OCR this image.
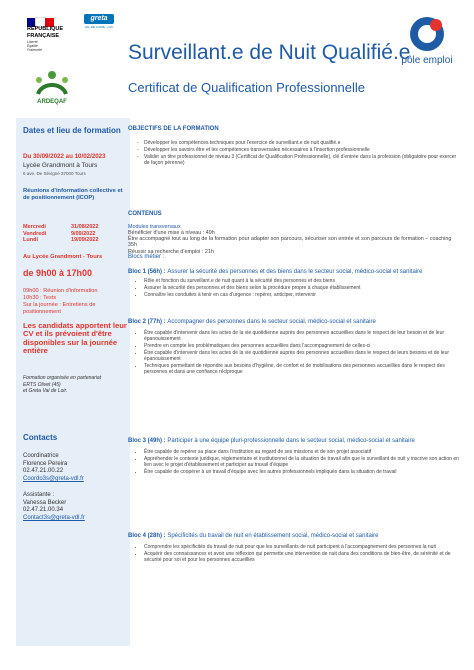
RÉPUBLIQUE
FRANÇAISE
Liberté
Égalité
Fraternité
greta
VAL DE LOIRE · CVL
ARDEQAF
Surveillant.e de Nuit Qualifié.e
Certificat de Qualification Professionnelle
pôle emploi
Dates et lieu de formation
Du 30/09/2022 au 10/02/2023
Lycée Grandmont à Tours
6 ave. De Sévigné 37000 Tours
Réunions d'information collective et de positionnement (ICOP)
Mercredi	31/08/2022
Vendredi	9/09/2022
Lundi	19/09/2022
Au Lycée Grandmont - Tours
de 9h00 à 17h00
09h00 : Réunion d'information
10h30 : Tests
Sur la journée : Entretiens de positionnement
Les candidats apportent leur CV et ils prévoient d'être disponibles sur la journée entière
Formation organisée en partenariat
ERTS Olivet (45)
et Greta Val de Loir.
Contacts
Coordinatrice
Florence Pereira
02.47.21.00.22
Coordo3s@greta-vdl.fr
Assistante :
Vanessa Becker
02.47.21.00.34
Contact3s@greta-vdl.fr
OBJECTIFS DE LA FORMATION
- Développer les compétences techniques pour l'exercice de surveillant.e de nuit qualifié.e
- Développer les savoirs être et les compétences transversales nécessaires à l'insertion professionnelle
- Valider un titre professionnel de niveau 3 (Certificat de Qualification Professionnelle), clé d'entrée dans la profession (obligatoire pour exercer de façon pérenne)
CONTENUS
Modules transversaux
Bénéficier d'une mise à niveau : 49h
Être accompagné tout au long de la formation pour adapter son parcours, sécuriser son entrée et son parcours de formation – coaching 35h
Réussir sa recherche d'emploi : 21h
Blocs métier :
Bloc 1 (56h) : Assurer la sécurité des personnes et des biens dans le secteur social, médico-social et sanitaire
• Rôle et fonction du surveillant.e de nuit quant à la sécurité des personnes et des biens
• Assurer la sécurité des personnes et des biens selon la procédure propre à chaque établissement
• Connaître les conduites à tenir en cas d'urgence : repérer, anticiper, intervenir
Bloc 2 (77h) : Accompagner des personnes dans le secteur social, médico-social et sanitaire
• Être capable d'intervenir dans les actes de la vie quotidienne auprès des personnes accueillies dans le respect de leur besoin et de leur épanouissement
• Prendre en compte les problématiques des personnes accueillies dans l'accompagnement de celles-ci
• Être capable d'intervenir dans les actes de la vie quotidienne auprès des personnes accueillies dans le respect de leurs besoins et de leur épanouissement
• Techniques permettant de répondre aux besoins d'hygiène, de confort et de mobilisations des personnes accueillies dans le respect des personnes et dans une confiance réciproque
Bloc 3 (49h) : Participer à une équipe pluri-professionnelle dans le secteur social, médico-social et sanitaire
• Être capable de repérer sa place dans l'institution au regard de ses missions et de son projet associatif
• Appréhender le contexte juridique, réglementaire et institutionnel de la situation de travail afin que le surveillant de nuit y inscrive son action en lien avec le projet d'établissement et participer au travail d'équipe
• Être capable de coopérer à un travail d'équipe avec les autres professionnels impliqués dans la situation de travail
Bloc 4 (28h) : Spécificités du travail de nuit en établissement social, médico-social et sanitaire
• Comprendre les spécificités du travail de nuit pour que les surveillants de nuit participent à l'accompagnement des personnes la nuit
• Acquérir des connaissances et avoir une réflexion qui permette une intervention de nuit dans des conditions de bien-être, de sérénité et de sécurité pour soi et pour les personnes accueillies
